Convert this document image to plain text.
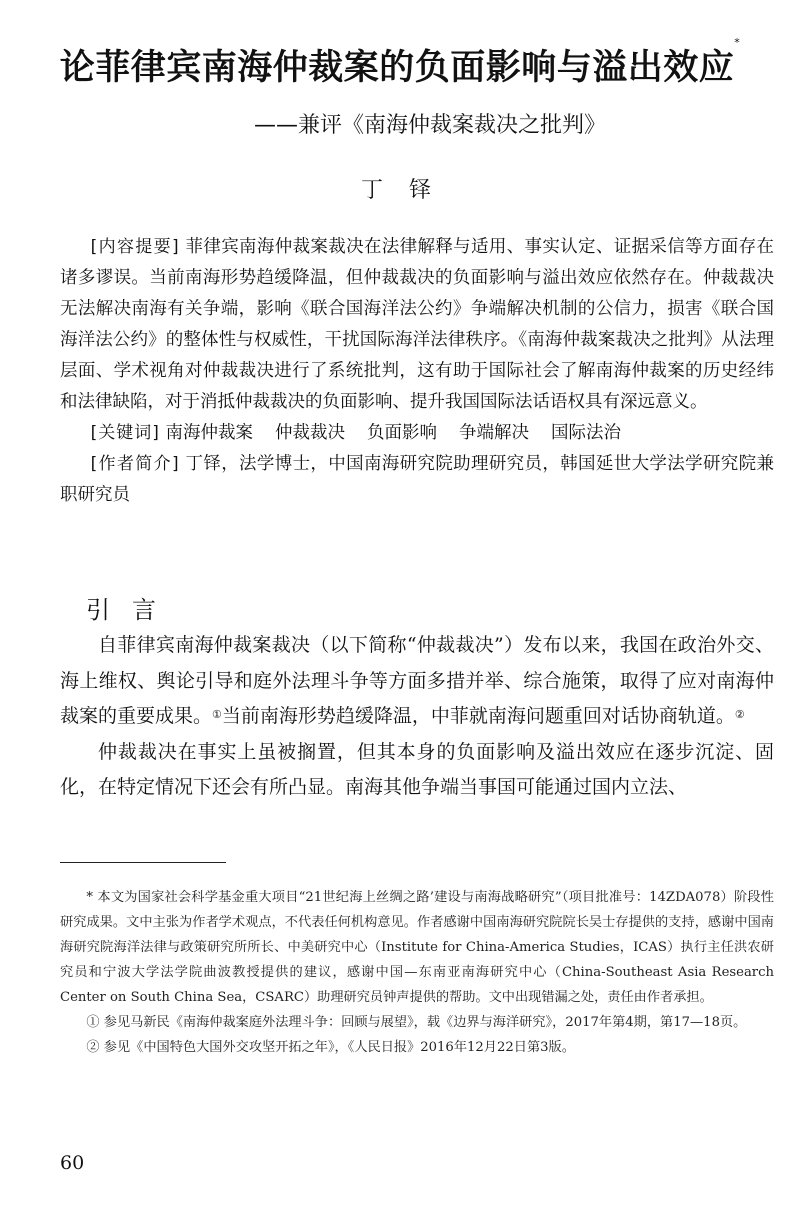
论菲律宾南海仲裁案的负面影响与溢出效应*
——兼评《南海仲裁案裁决之批判》
丁铎

[内容提要] 菲律宾南海仲裁案裁决在法律解释与适用、事实认定、证据采信等方面存在诸多谬误。当前南海形势趋缓降温，但仲裁裁决的负面影响与溢出效应依然存在。仲裁裁决无法解决南海有关争端，影响《联合国海洋法公约》争端解决机制的公信力，损害《联合国海洋法公约》的整体性与权威性，干扰国际海洋法律秩序。《南海仲裁案裁决之批判》从法理层面、学术视角对仲裁裁决进行了系统批判，这有助于国际社会了解南海仲裁案的历史经纬和法律缺陷，对于消抵仲裁裁决的负面影响、提升我国国际法话语权具有深远意义。

[关键词] 南海仲裁案 仲裁裁决 负面影响 争端解决 国际法治

[作者简介] 丁铎，法学博士，中国南海研究院助理研究员，韩国延世大学法学研究院兼职研究员

引言

自菲律宾南海仲裁案裁决（以下简称“仲裁裁决”）发布以来，我国在政治外交、海上维权、舆论引导和庭外法理斗争等方面多措并举、综合施策，取得了应对南海仲裁案的重要成果。①当前南海形势趋缓降温，中菲就南海问题重回对话协商轨道。②

仲裁裁决在事实上虽被搁置，但其本身的负面影响及溢出效应在逐步沉淀、固化，在特定情况下还会有所凸显。南海其他争端当事国可能通过国内立法、

* 本文为国家社会科学基金重大项目“21世纪海上丝绸之路’建设与南海战略研究”（项目批准号：14ZDA078）阶段性研究成果。文中主张为作者学术观点，不代表任何机构意见。作者感谢中国南海研究院院长吴士存提供的支持，感谢中国南海研究院海洋法律与政策研究所所长、中美研究中心（Institute for China-America Studies，ICAS）执行主任洪农研究员和宁波大学法学院曲波教授提供的建议，感谢中国—东南亚南海研究中心（China-Southeast Asia Research Center on South China Sea，CSARC）助理研究员钟声提供的帮助。文中出现错漏之处，责任由作者承担。

① 参见马新民《南海仲裁案庭外法理斗争：回顾与展望》，载《边界与海洋研究》，2017年第4期，第17—18页。

② 参见《中国特色大国外交攻坚开拓之年》，《人民日报》2016年12月22日第3版。

60
